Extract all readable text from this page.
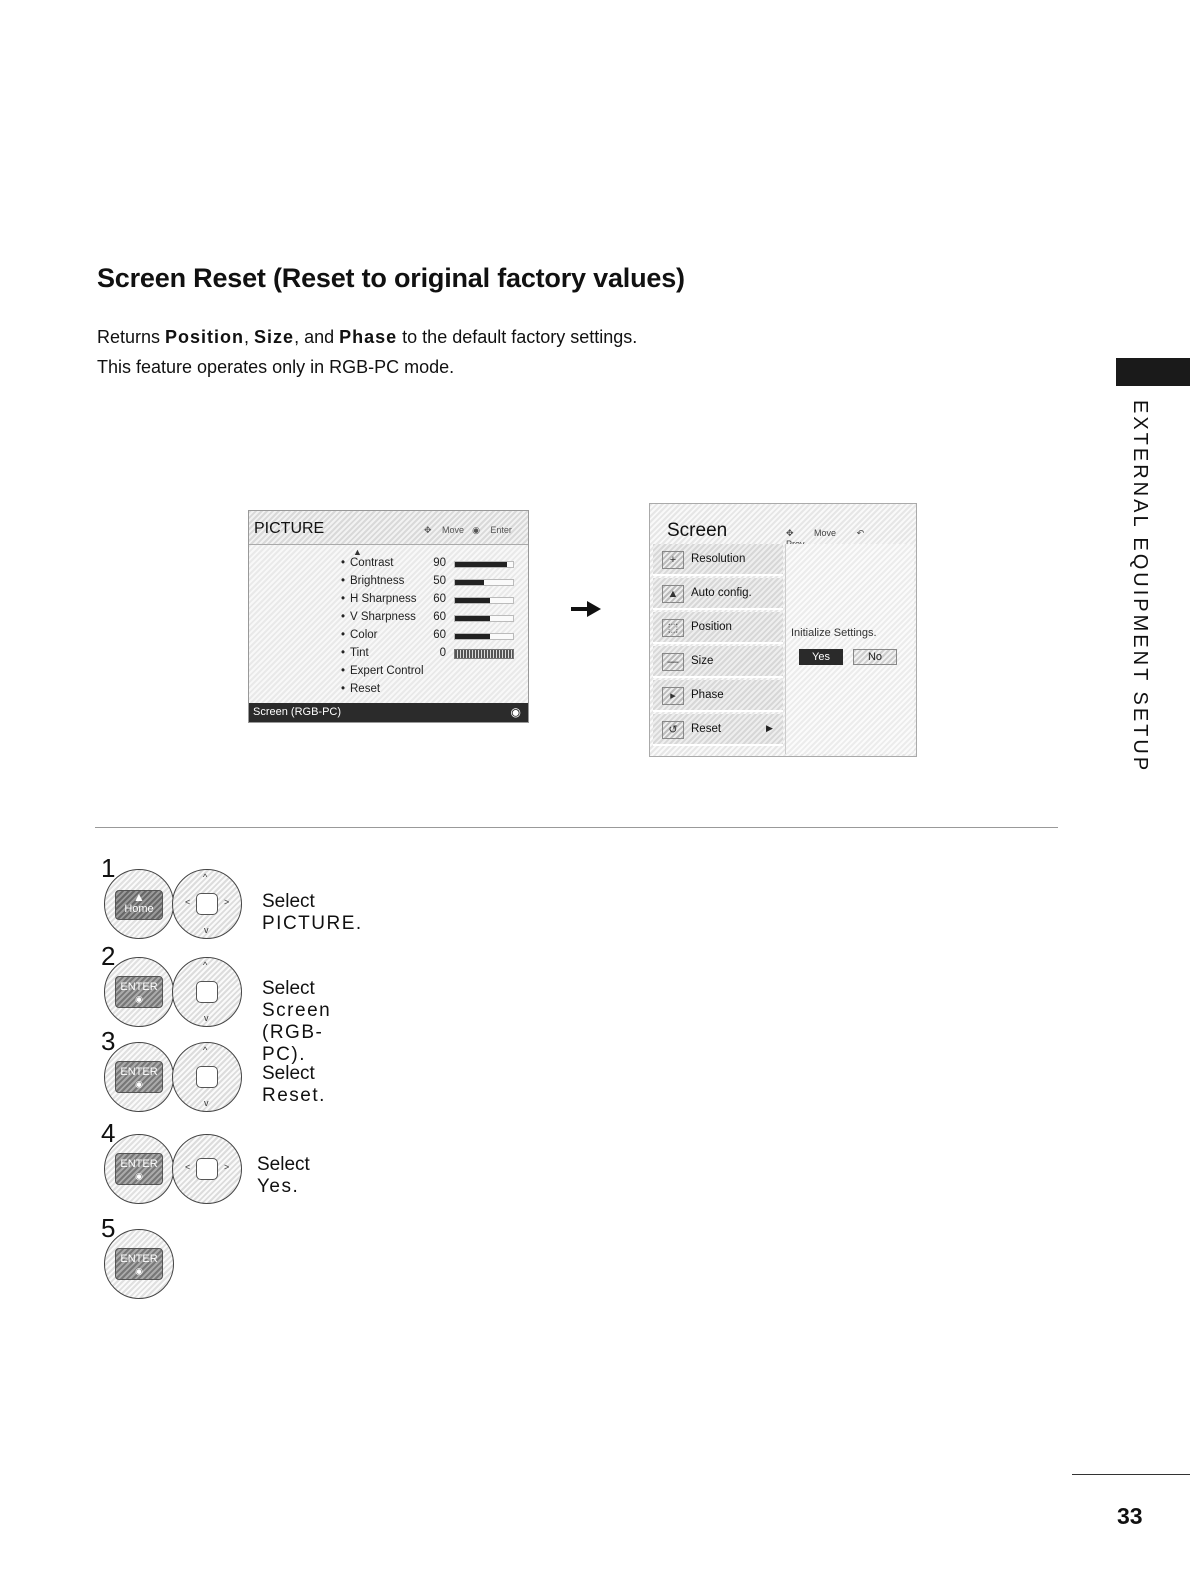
Screen Reset (Reset to original factory values)
Returns Position, Size, and Phase to the default factory settings.
This feature operates only in RGB-PC mode.
EXTERNAL EQUIPMENT SETUP
PICTURE	✥ Move ◉ Enter
▲
• Contrast	90
• Brightness	50
• H Sharpness	60
• V Sharpness	60
• Color	60
• Tint	0
• Expert Control
• Reset
Screen (RGB-PC)	◉
Screen	✥ Move ↶
+	Resolution
▲	Auto config.
⬚	Position
—	Size
▸	Phase
↺	Reset	▶
Initialize Settings.
Yes	No
1
▲
Home
^
<	>
v
Select PICTURE.
2
ENTER
◉
^
v
Select Screen (RGB-PC).
3
ENTER
◉
^
v
Select Reset.
4
ENTER
◉
<	> Select Yes.
5
ENTER
◉
33
